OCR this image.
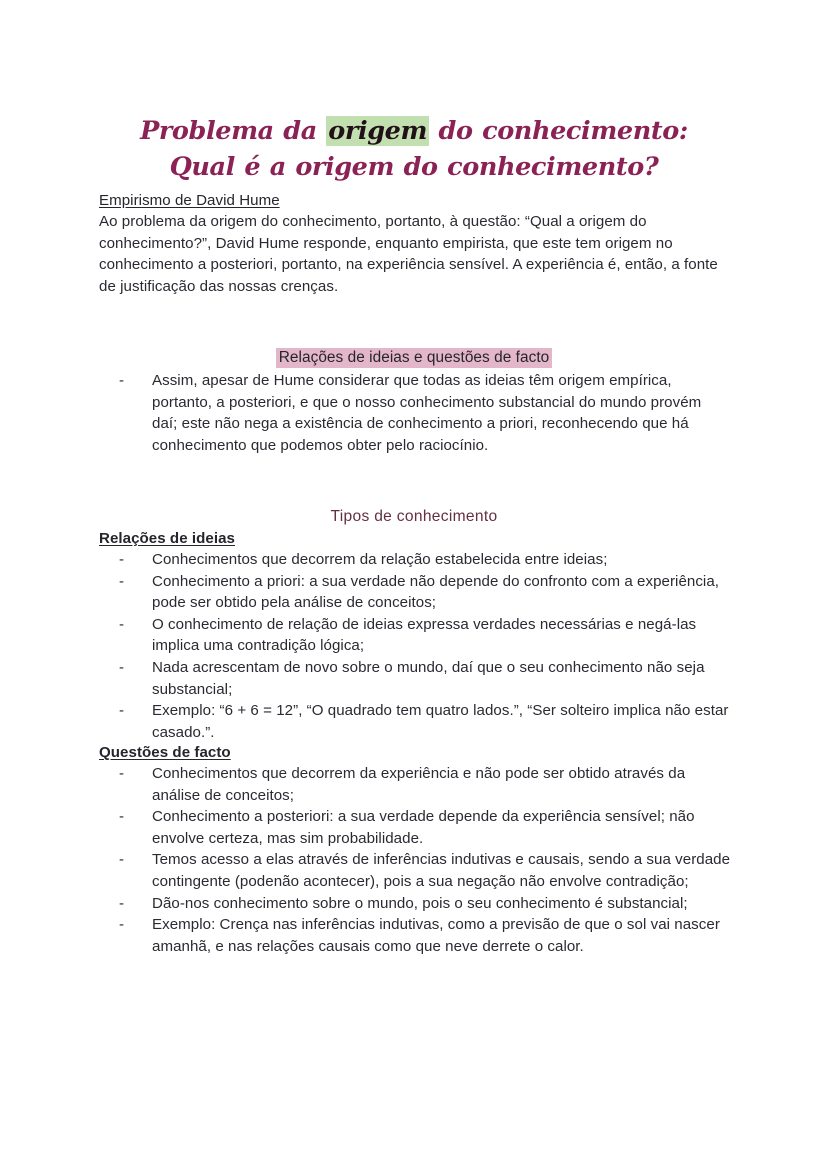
Problema da origem do conhecimento: Qual é a origem do conhecimento?
Empirismo de David Hume

Ao problema da origem do conhecimento, portanto, à questão: “Qual a origem do conhecimento?”, David Hume responde, enquanto empirista, que este tem origem no conhecimento a posteriori, portanto, na experiência sensível. A experiência é, então, a fonte de justificação das nossas crenças.

Relações de ideias e questões de facto
- Assim, apesar de Hume considerar que todas as ideias têm origem empírica, portanto, a posteriori, e que o nosso conhecimento substancial do mundo provém daí; este não nega a existência de conhecimento a priori, reconhecendo que há conhecimento que podemos obter pelo raciocínio.
Tipos de conhecimento
Relações de ideias
- Conhecimentos que decorrem da relação estabelecida entre ideias;
- Conhecimento a priori: a sua verdade não depende do confronto com a experiência, pode ser obtido pela análise de conceitos;
- O conhecimento de relação de ideias expressa verdades necessárias e negá-las implica uma contradição lógica;
- Nada acrescentam de novo sobre o mundo, daí que o seu conhecimento não seja substancial;
- Exemplo: “6 + 6 = 12”, “O quadrado tem quatro lados.”, “Ser solteiro implica não estar casado.”.
Questões de facto
- Conhecimentos que decorrem da experiência e não pode ser obtido através da análise de conceitos;
- Conhecimento a posteriori: a sua verdade depende da experiência sensível; não envolve certeza, mas sim probabilidade.
- Temos acesso a elas através de inferências indutivas e causais, sendo a sua verdade contingente (podenão acontecer), pois a sua negação não envolve contradição;
- Dão-nos conhecimento sobre o mundo, pois o seu conhecimento é substancial;
- Exemplo: Crença nas inferências indutivas, como a previsão de que o sol vai nascer amanhã, e nas relações causais como que neve derrete o calor.
